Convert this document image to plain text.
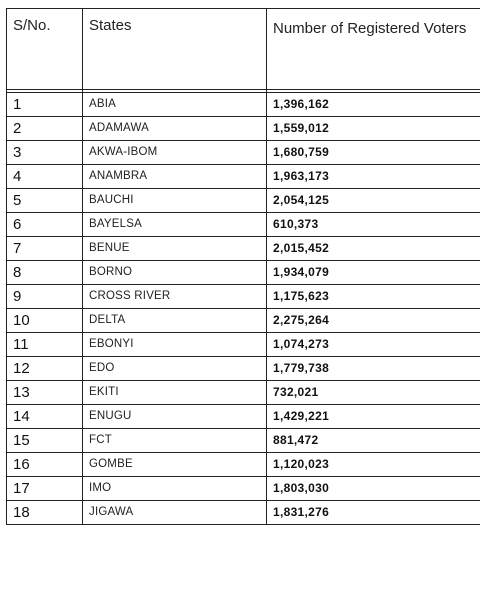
S/No.	States	Number of Registered Voters

1	ABIA	1,396,162

2	ADAMAWA	1,559,012

3	AKWA-IBOM	1,680,759

4	ANAMBRA	1,963,173

5	BAUCHI	2,054,125

6	BAYELSA	610,373

7	BENUE	2,015,452

8	BORNO	1,934,079

9	CROSS RIVER	1,175,623

10	DELTA	2,275,264

11	EBONYI	1,074,273

12	EDO	1,779,738

13	EKITI	732,021

14	ENUGU	1,429,221

15	FCT	881,472

16	GOMBE	1,120,023

17	IMO	1,803,030

18	JIGAWA	1,831,276
